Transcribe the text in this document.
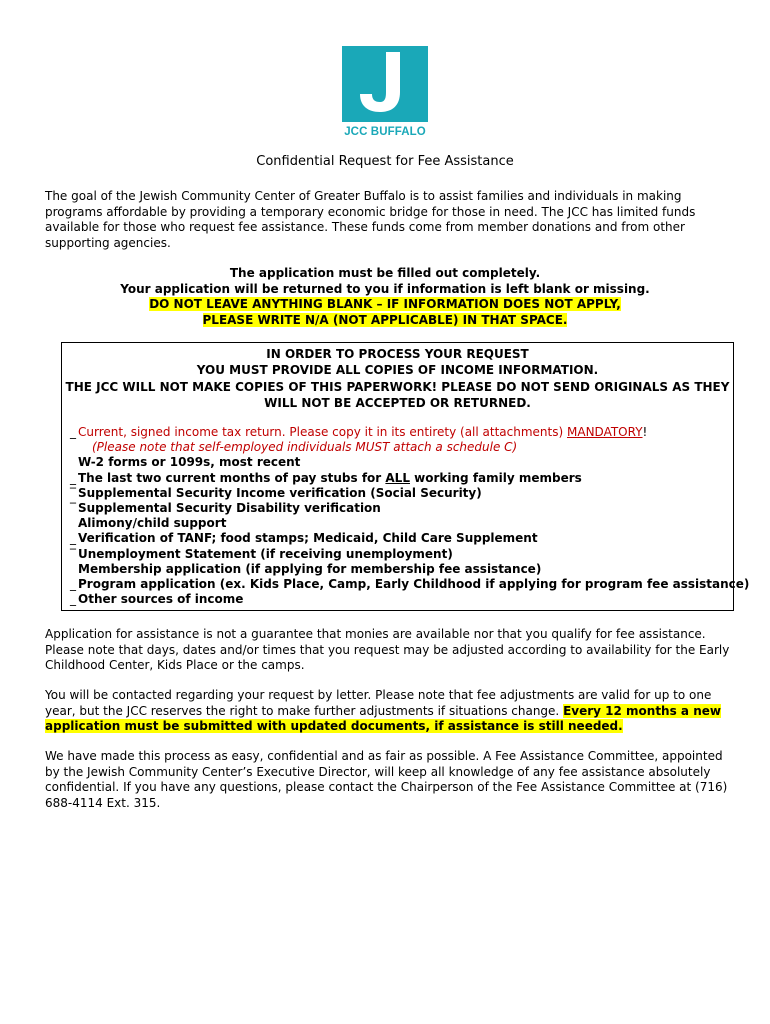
JCC BUFFALO
Confidential Request for Fee Assistance
The goal of the Jewish Community Center of Greater Buffalo is to assist families and individuals in making programs affordable by providing a temporary economic bridge for those in need. The JCC has limited funds available for those who request fee assistance. These funds come from member donations and from other supporting agencies.
The application must be filled out completely.
Your application will be returned to you if information is left blank or missing.
DO NOT LEAVE ANYTHING BLANK – IF INFORMATION DOES NOT APPLY,
PLEASE WRITE N/A (NOT APPLICABLE) IN THAT SPACE.
IN ORDER TO PROCESS YOUR REQUEST
YOU MUST PROVIDE ALL COPIES OF INCOME INFORMATION.
THE JCC WILL NOT MAKE COPIES OF THIS PAPERWORK! PLEASE DO NOT SEND ORIGINALS AS THEY
WILL NOT BE ACCEPTED OR RETURNED.
_ Current, signed income tax return. Please copy it in its entirety (all attachments) MANDATORY!
(Please note that self-employed individuals MUST attach a schedule C)
W-2 forms or 1099s, most recent
_ The last two current months of pay stubs for ALL working family members
‾ Supplemental Security Income verification (Social Security)
‾ Supplemental Security Disability verification
Alimony/child support
_ Verification of TANF; food stamps; Medicaid, Child Care Supplement
‾ Unemployment Statement (if receiving unemployment)
Membership application (if applying for membership fee assistance)
_ Program application (ex. Kids Place, Camp, Early Childhood if applying for program fee assistance)
_ Other sources of income
Application for assistance is not a guarantee that monies are available nor that you qualify for fee assistance. Please note that days, dates and/or times that you request may be adjusted according to availability for the Early Childhood Center, Kids Place or the camps.
You will be contacted regarding your request by letter. Please note that fee adjustments are valid for up to one year, but the JCC reserves the right to make further adjustments if situations change. Every 12 months a new application must be submitted with updated documents, if assistance is still needed.
We have made this process as easy, confidential and as fair as possible. A Fee Assistance Committee, appointed by the Jewish Community Center’s Executive Director, will keep all knowledge of any fee assistance absolutely confidential. If you have any questions, please contact the Chairperson of the Fee Assistance Committee at (716) 688-4114 Ext. 315.
